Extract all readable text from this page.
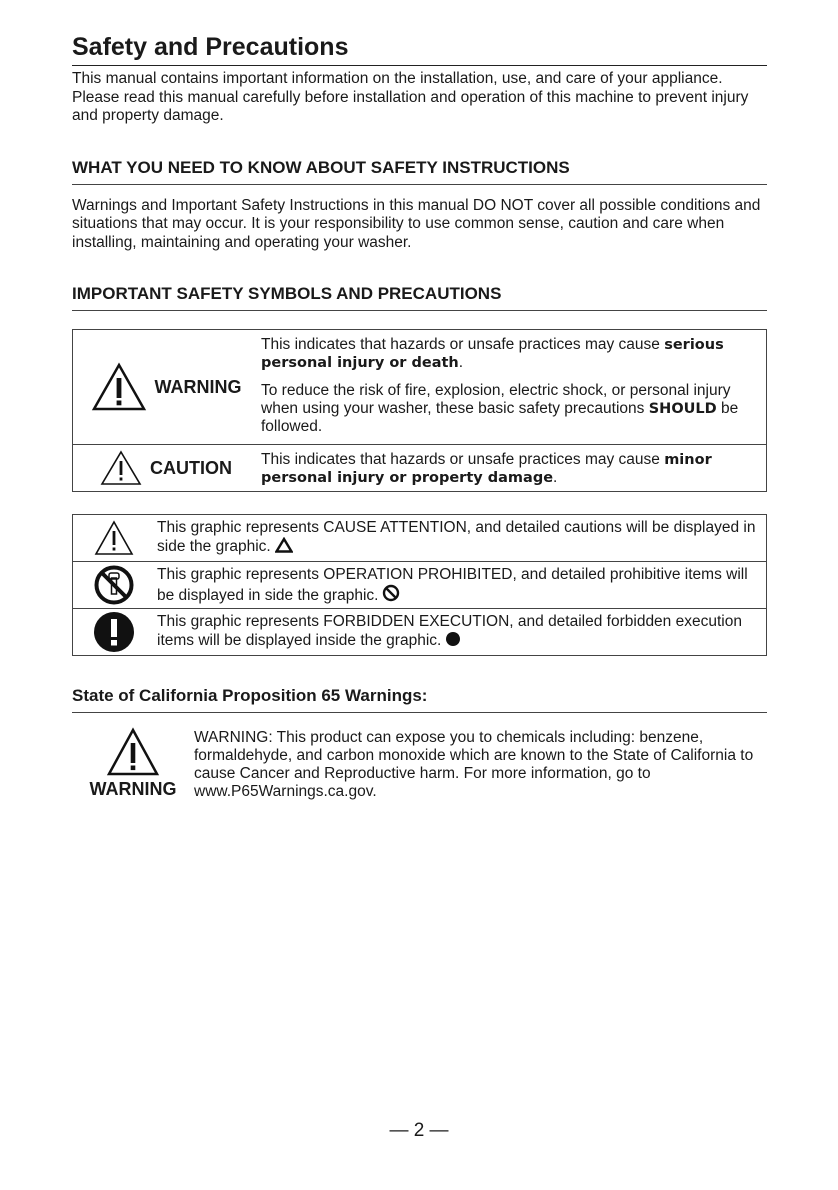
Safety and Precautions

This manual contains important information on the installation, use, and care of your appliance. Please read this manual carefully before installation and operation of this machine to prevent injury and property damage.

WHAT YOU NEED TO KNOW ABOUT SAFETY INSTRUCTIONS

Warnings and Important Safety Instructions in this manual DO NOT cover all possible conditions and situations that may occur. It is your responsibility to use common sense, caution and care when installing, maintaining and operating your washer.

IMPORTANT SAFETY SYMBOLS AND PRECAUTIONS
WARNING

This indicates that hazards or unsafe practices may cause serious personal injury or death.

To reduce the risk of fire, explosion, electric shock, or personal injury when using your washer, these basic safety precautions SHOULD be followed.

CAUTION This indicates that hazards or unsafe practices may cause minor personal injury or property damage.

This graphic represents CAUSE ATTENTION, and detailed cautions will be displayed in side the graphic.
This graphic represents OPERATION PROHIBITED, and detailed prohibitive items will be displayed in side the graphic.
This graphic represents FORBIDDEN EXECUTION, and detailed forbidden execution items will be displayed inside the graphic.
State of California Proposition 65 Warnings:
WARNING
WARNING: This product can expose you to chemicals including: benzene, formaldehyde, and carbon monoxide which are known to the State of California to cause Cancer and Reproductive harm. For more information, go to www.P65Warnings.ca.gov.
— 2 —
